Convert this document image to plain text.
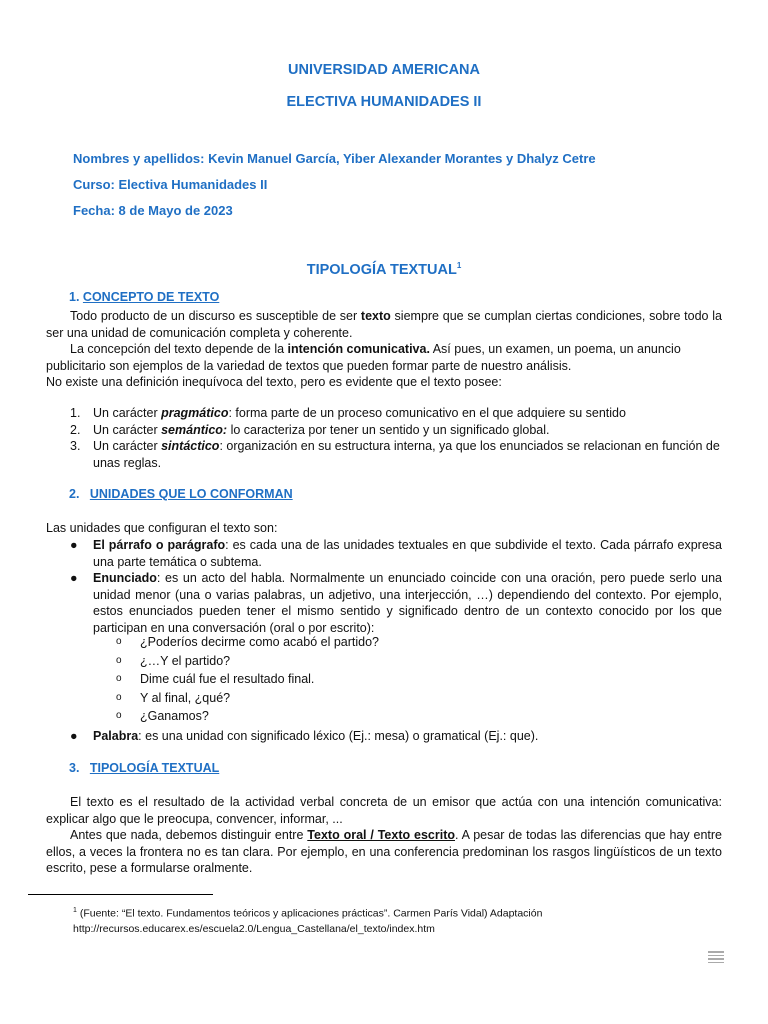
UNIVERSIDAD AMERICANA
ELECTIVA HUMANIDADES II
Nombres y apellidos: Kevin Manuel García, Yiber Alexander Morantes y Dhalyz Cetre
Curso: Electiva Humanidades II
Fecha: 8 de Mayo de 2023
TIPOLOGÍA TEXTUAL$^1$
1. CONCEPTO DE TEXTO
Todo producto de un discurso es susceptible de ser texto siempre que se cumplan ciertas condiciones, sobre todo la ser una unidad de comunicación completa y coherente.
La concepción del texto depende de la intención comunicativa. Así pues, un examen, un poema, un anuncio publicitario son ejemplos de la variedad de textos que pueden formar parte de nuestro análisis.
No existe una definición inequívoca del texto, pero es evidente que el texto posee:
1.	Un carácter pragmático: forma parte de un proceso comunicativo en el que adquiere su sentido
2.	Un carácter semántico: lo caracteriza por tener un sentido y un significado global.
3.	Un carácter sintáctico: organización en su estructura interna, ya que los enunciados se relacionan en función de unas reglas.
2. UNIDADES QUE LO CONFORMAN
Las unidades que configuran el texto son:
●	El párrafo o parágrafo: es cada una de las unidades textuales en que subdivide el texto. Cada párrafo expresa una parte temática o subtema.
●	Enunciado: es un acto del habla. Normalmente un enunciado coincide con una oración, pero puede serlo una unidad menor (una o varias palabras, un adjetivo, una interjección, …) dependiendo del contexto. Por ejemplo, estos enunciados pueden tener el mismo sentido y significado dentro de un contexto conocido por los que participan en una conversación (oral o por escrito):
o	¿Poderíos decirme como acabó el partido?
o	¿…Y el partido?
o	Dime cuál fue el resultado final.
o	Y al final, ¿qué?
o	¿Ganamos?
●	Palabra: es una unidad con significado léxico (Ej.: mesa) o gramatical (Ej.: que).
3. TIPOLOGÍA TEXTUAL
El texto es el resultado de la actividad verbal concreta de un emisor que actúa con una intención comunicativa: explicar algo que le preocupa, convencer, informar, ...
Antes que nada, debemos distinguir entre Texto oral / Texto escrito. A pesar de todas las diferencias que hay entre ellos, a veces la frontera no es tan clara. Por ejemplo, en una conferencia predominan los rasgos lingüísticos de un texto escrito, pese a formularse oralmente.
$^1$ (Fuente: “El texto. Fundamentos teóricos y aplicaciones prácticas”. Carmen París Vidal) Adaptación
http://recursos.educarex.es/escuela2.0/Lengua_Castellana/el_texto/index.htm
